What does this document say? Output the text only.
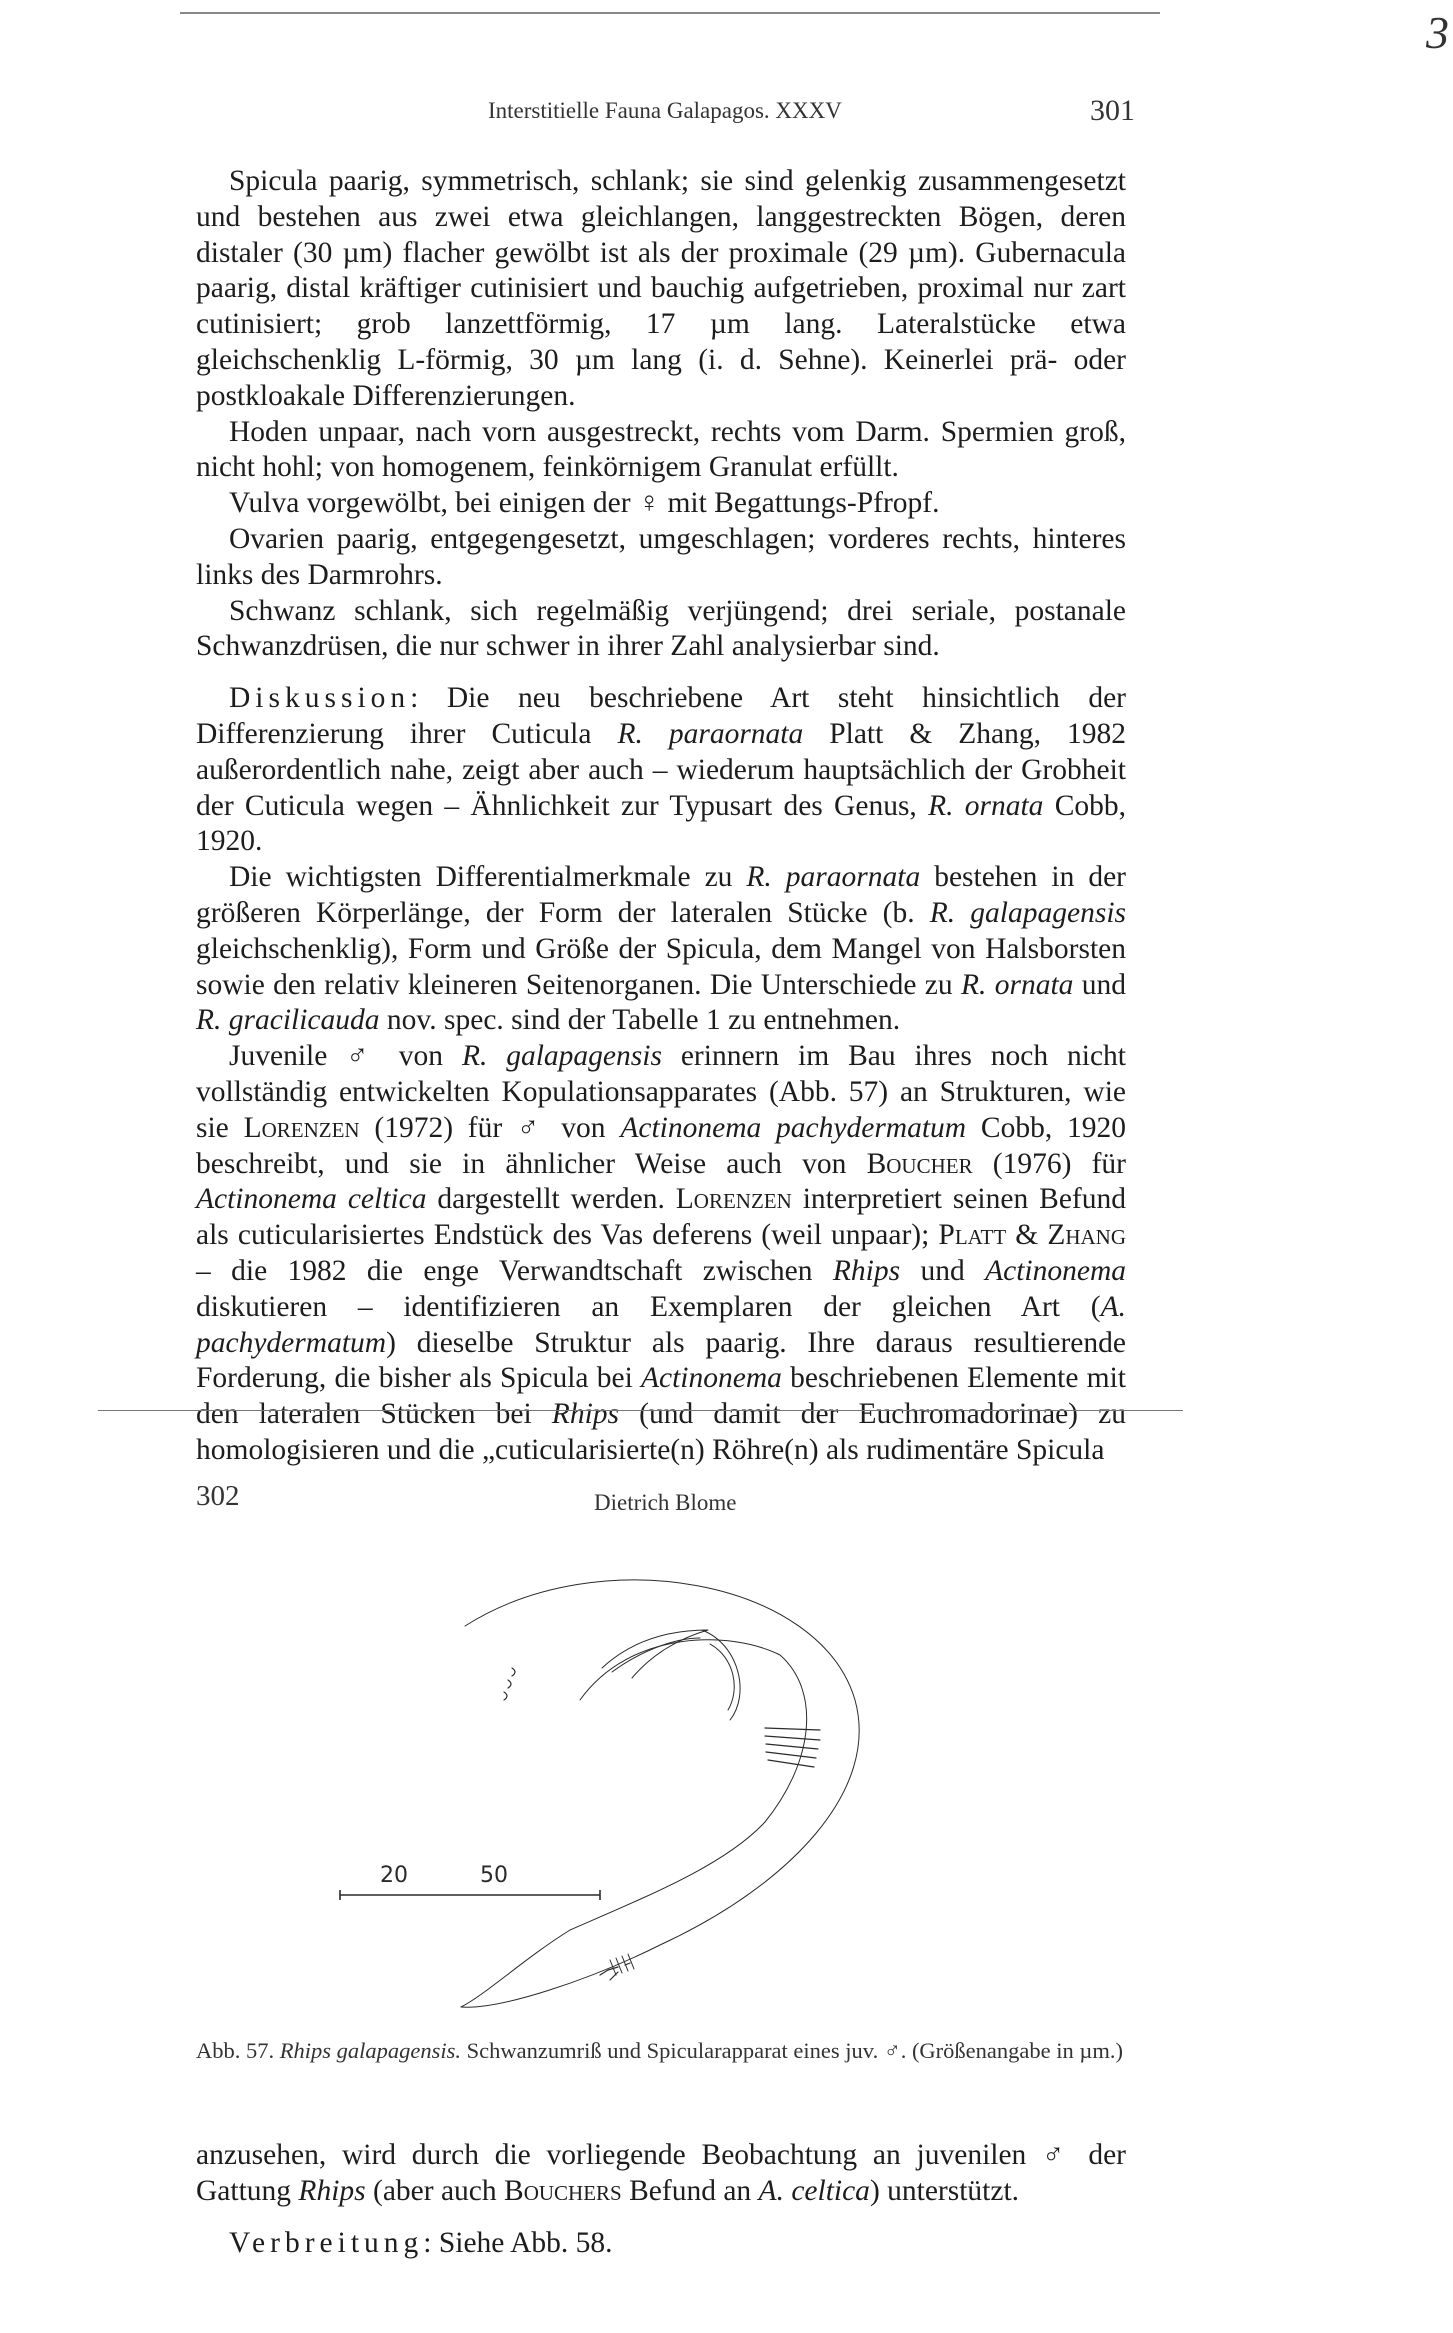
3
Interstitielle Fauna Galapagos. XXXV	301

Spicula paarig, symmetrisch, schlank; sie sind gelenkig zusammengesetzt und bestehen aus zwei etwa gleichlangen, langgestreckten Bögen, deren distaler (30 µm) flacher gewölbt ist als der proximale (29 µm). Gubernacula paarig, distal kräftiger cutinisiert und bauchig aufgetrieben, proximal nur zart cutinisiert; grob lanzettförmig, 17 µm lang. Lateralstücke etwa gleichschenklig L-förmig, 30 µm lang (i. d. Sehne). Keinerlei prä- oder postkloakale Differenzierungen.

Hoden unpaar, nach vorn ausgestreckt, rechts vom Darm. Spermien groß, nicht hohl; von homogenem, feinkörnigem Granulat erfüllt.

Vulva vorgewölbt, bei einigen der ♀ mit Begattungs-Pfropf.

Ovarien paarig, entgegengesetzt, umgeschlagen; vorderes rechts, hinteres links des Darmrohrs.

Schwanz schlank, sich regelmäßig verjüngend; drei seriale, postanale Schwanzdrüsen, die nur schwer in ihrer Zahl analysierbar sind.

Diskussion: Die neu beschriebene Art steht hinsichtlich der Differenzierung ihrer Cuticula R. paraornata Platt & Zhang, 1982 außerordentlich nahe, zeigt aber auch – wiederum hauptsächlich der Grobheit der Cuticula wegen – Ähnlichkeit zur Typusart des Genus, R. ornata Cobb, 1920.

Die wichtigsten Differentialmerkmale zu R. paraornata bestehen in der größeren Körperlänge, der Form der lateralen Stücke (b. R. galapagensis gleichschenklig), Form und Größe der Spicula, dem Mangel von Halsborsten sowie den relativ kleineren Seitenorganen. Die Unterschiede zu R. ornata und R. gracilicauda nov. spec. sind der Tabelle 1 zu entnehmen.

Juvenile ♂ von R. galapagensis erinnern im Bau ihres noch nicht vollständig entwickelten Kopulationsapparates (Abb. 57) an Strukturen, wie sie Lorenzen (1972) für ♂ von Actinonema pachydermatum Cobb, 1920 beschreibt, und sie in ähnlicher Weise auch von Boucher (1976) für Actinonema celtica dargestellt werden. Lorenzen interpretiert seinen Befund als cuticularisiertes Endstück des Vas deferens (weil unpaar); Platt & Zhang – die 1982 die enge Verwandtschaft zwischen Rhips und Actinonema diskutieren – identifizieren an Exemplaren der gleichen Art (A. pachydermatum) dieselbe Struktur als paarig. Ihre daraus resultierende Forderung, die bisher als Spicula bei Actinonema beschriebenen Elemente mit den lateralen Stücken bei Rhips (und damit der Euchromadorinae) zu homologisieren und die „cuticularisierte(n) Röhre(n) als rudimentäre Spicula

302	Dietrich Blome
20	50
Abb. 57. Rhips galapagensis. Schwanzumriß und Spicularapparat eines juv. ♂. (Größenangabe in µm.)

anzusehen, wird durch die vorliegende Beobachtung an juvenilen ♂ der Gattung Rhips (aber auch Bouchers Befund an A. celtica) unterstützt.

Verbreitung: Siehe Abb. 58.
